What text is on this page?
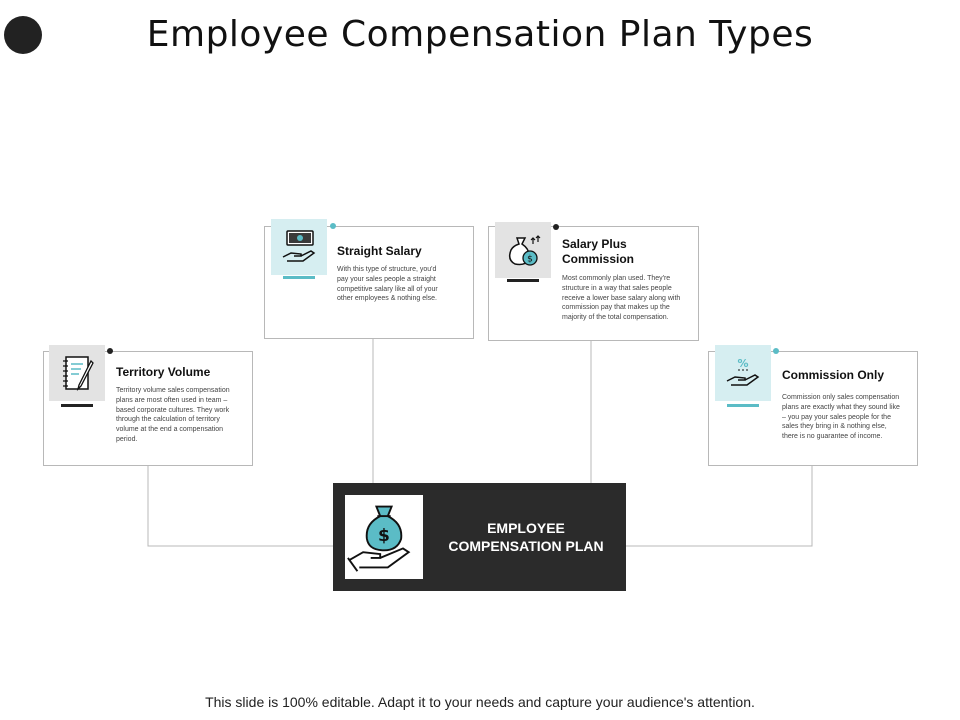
Employee Compensation Plan Types
Straight Salary
With this type of structure, you'd pay your sales people a straight competitive salary like all of your other employees & nothing else.
$
Salary Plus Commission
Most commonly plan used. They're structure in a way that sales people receive a lower base salary along with commission pay that makes up the majority of the total compensation.
Territory Volume
Territory volume sales compensation plans are most often used in team – based corporate cultures. They work through the calculation of territory volume at the end a compensation period.
%
Commission Only
Commission only sales compensation plans are exactly what they sound like – you pay your sales people for the sales they bring in & nothing else, there is no guarantee of income.
$	EMPLOYEE COMPENSATION PLAN
This slide is 100% editable. Adapt it to your needs and capture your audience's attention.
